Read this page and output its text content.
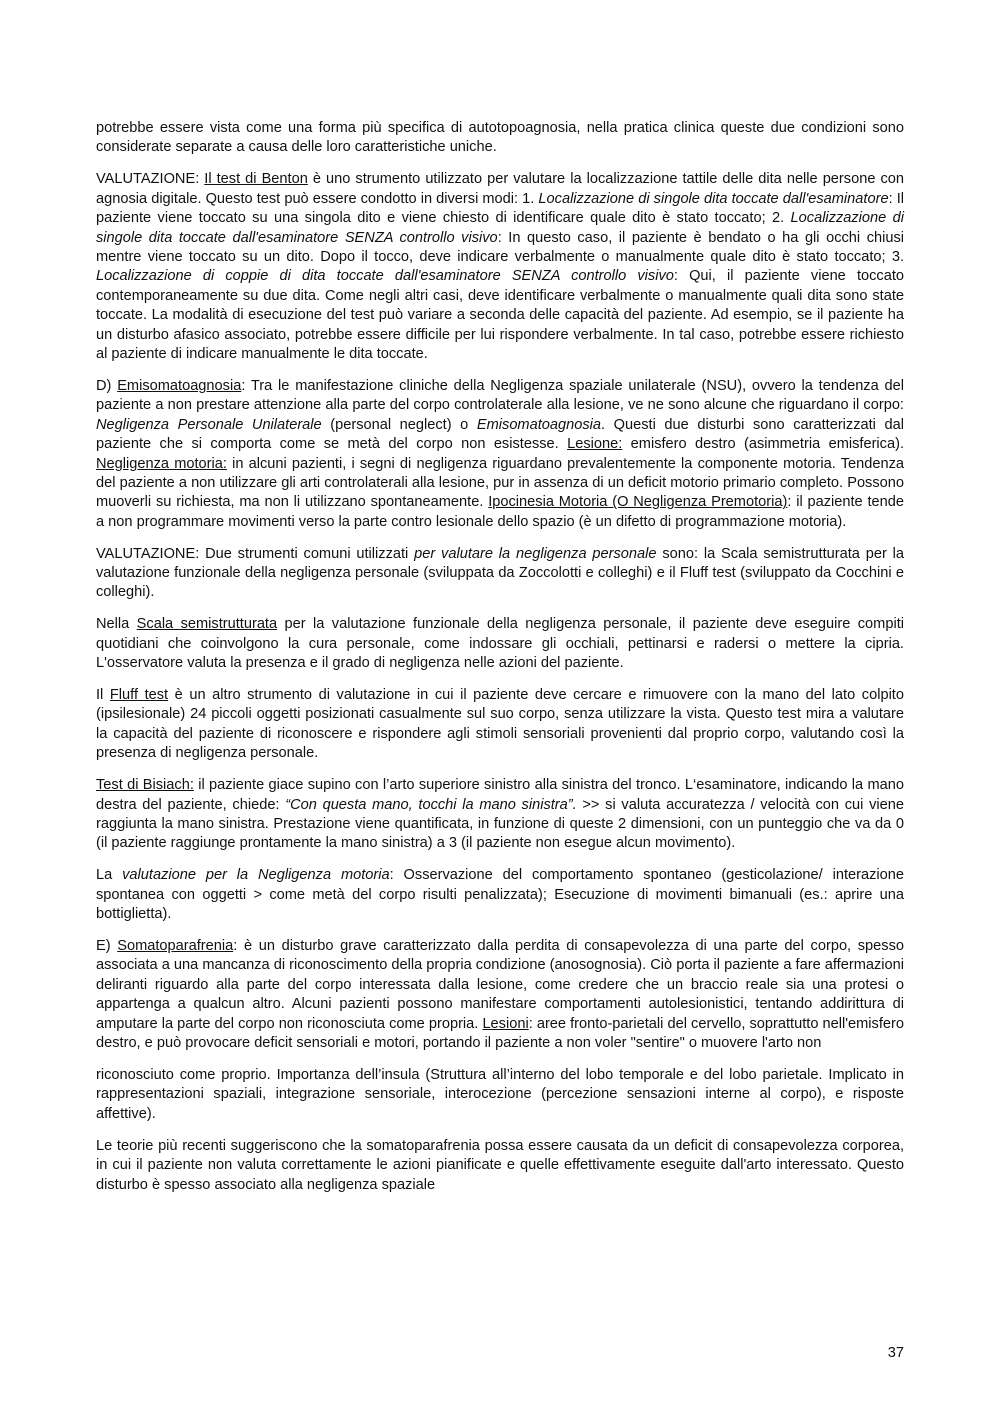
potrebbe essere vista come una forma più specifica di autotopoagnosia, nella pratica clinica queste due condizioni sono considerate separate a causa delle loro caratteristiche uniche.

VALUTAZIONE: Il test di Benton è uno strumento utilizzato per valutare la localizzazione tattile delle dita nelle persone con agnosia digitale. Questo test può essere condotto in diversi modi: 1. Localizzazione di singole dita toccate dall'esaminatore: Il paziente viene toccato su una singola dito e viene chiesto di identificare quale dito è stato toccato; 2. Localizzazione di singole dita toccate dall'esaminatore SENZA controllo visivo: In questo caso, il paziente è bendato o ha gli occhi chiusi mentre viene toccato su un dito. Dopo il tocco, deve indicare verbalmente o manualmente quale dito è stato toccato; 3. Localizzazione di coppie di dita toccate dall'esaminatore SENZA controllo visivo: Qui, il paziente viene toccato contemporaneamente su due dita. Come negli altri casi, deve identificare verbalmente o manualmente quali dita sono state toccate. La modalità di esecuzione del test può variare a seconda delle capacità del paziente. Ad esempio, se il paziente ha un disturbo afasico associato, potrebbe essere difficile per lui rispondere verbalmente. In tal caso, potrebbe essere richiesto al paziente di indicare manualmente le dita toccate.

D) Emisomatoagnosia: Tra le manifestazione cliniche della Negligenza spaziale unilaterale (NSU), ovvero la tendenza del paziente a non prestare attenzione alla parte del corpo controlaterale alla lesione, ve ne sono alcune che riguardano il corpo: Negligenza Personale Unilaterale (personal neglect) o Emisomatoagnosia. Questi due disturbi sono caratterizzati dal paziente che si comporta come se metà del corpo non esistesse. Lesione: emisfero destro (asimmetria emisferica). Negligenza motoria: in alcuni pazienti, i segni di negligenza riguardano prevalentemente la componente motoria. Tendenza del paziente a non utilizzare gli arti controlaterali alla lesione, pur in assenza di un deficit motorio primario completo. Possono muoverli su richiesta, ma non li utilizzano spontaneamente. Ipocinesia Motoria (O Negligenza Premotoria): il paziente tende a non programmare movimenti verso la parte contro lesionale dello spazio (è un difetto di programmazione motoria).

VALUTAZIONE: Due strumenti comuni utilizzati per valutare la negligenza personale sono: la Scala semistrutturata per la valutazione funzionale della negligenza personale (sviluppata da Zoccolotti e colleghi) e il Fluff test (sviluppato da Cocchini e colleghi).

Nella Scala semistrutturata per la valutazione funzionale della negligenza personale, il paziente deve eseguire compiti quotidiani che coinvolgono la cura personale, come indossare gli occhiali, pettinarsi e radersi o mettere la cipria. L'osservatore valuta la presenza e il grado di negligenza nelle azioni del paziente.

Il Fluff test è un altro strumento di valutazione in cui il paziente deve cercare e rimuovere con la mano del lato colpito (ipsilesionale) 24 piccoli oggetti posizionati casualmente sul suo corpo, senza utilizzare la vista. Questo test mira a valutare la capacità del paziente di riconoscere e rispondere agli stimoli sensoriali provenienti dal proprio corpo, valutando così la presenza di negligenza personale.

Test di Bisiach: il paziente giace supino con l’arto superiore sinistro alla sinistra del tronco. L‘esaminatore, indicando la mano destra del paziente, chiede: “Con questa mano, tocchi la mano sinistra”. >> si valuta accuratezza / velocità con cui viene raggiunta la mano sinistra. Prestazione viene quantificata, in funzione di queste 2 dimensioni, con un punteggio che va da 0 (il paziente raggiunge prontamente la mano sinistra) a 3 (il paziente non esegue alcun movimento).

La valutazione per la Negligenza motoria: Osservazione del comportamento spontaneo (gesticolazione/ interazione spontanea con oggetti > come metà del corpo risulti penalizzata); Esecuzione di movimenti bimanuali (es.: aprire una bottiglietta).

E) Somatoparafrenia: è un disturbo grave caratterizzato dalla perdita di consapevolezza di una parte del corpo, spesso associata a una mancanza di riconoscimento della propria condizione (anosognosia). Ciò porta il paziente a fare affermazioni deliranti riguardo alla parte del corpo interessata dalla lesione, come credere che un braccio reale sia una protesi o appartenga a qualcun altro. Alcuni pazienti possono manifestare comportamenti autolesionistici, tentando addirittura di amputare la parte del corpo non riconosciuta come propria. Lesioni: aree fronto-parietali del cervello, soprattutto nell'emisfero destro, e può provocare deficit sensoriali e motori, portando il paziente a non voler "sentire" o muovere l'arto non

riconosciuto come proprio. Importanza dell’insula (Struttura all’interno del lobo temporale e del lobo parietale. Implicato in rappresentazioni spaziali, integrazione sensoriale, interocezione (percezione sensazioni interne al corpo), e risposte affettive).

Le teorie più recenti suggeriscono che la somatoparafrenia possa essere causata da un deficit di consapevolezza corporea, in cui il paziente non valuta correttamente le azioni pianificate e quelle effettivamente eseguite dall'arto interessato. Questo disturbo è spesso associato alla negligenza spaziale

37
